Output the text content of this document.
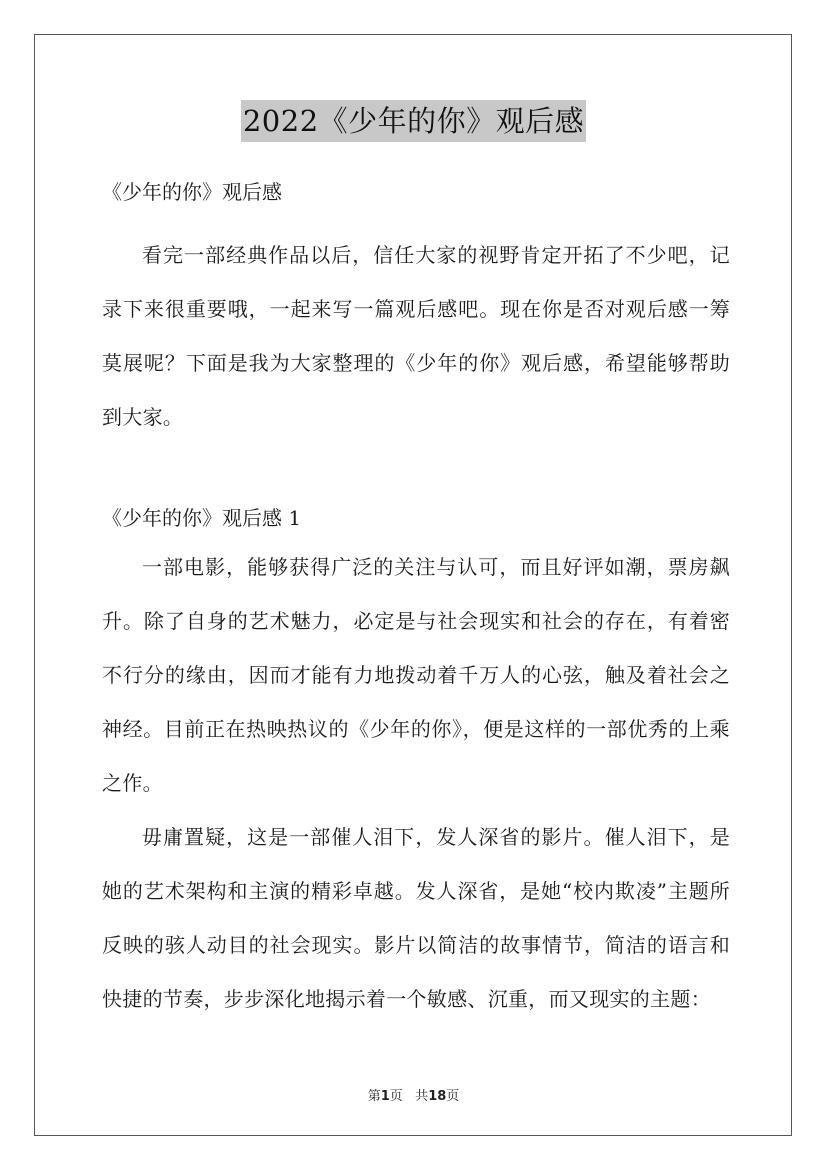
2022《少年的你》观后感

《少年的你》观后感

看完一部经典作品以后，信任大家的视野肯定开拓了不少吧，记录下来很重要哦，一起来写一篇观后感吧。现在你是否对观后感一筹莫展呢？下面是我为大家整理的《少年的你》观后感，希望能够帮助到大家。

《少年的你》观后感 1

一部电影，能够获得广泛的关注与认可，而且好评如潮，票房飙升。除了自身的艺术魅力，必定是与社会现实和社会的存在，有着密不行分的缘由，因而才能有力地拨动着千万人的心弦，触及着社会之神经。目前正在热映热议的《少年的你》，便是这样的一部优秀的上乘之作。

毋庸置疑，这是一部催人泪下，发人深省的影片。催人泪下，是她的艺术架构和主演的精彩卓越。发人深省，是她“校内欺凌”主题所反映的骇人动目的社会现实。影片以简洁的故事情节，简洁的语言和快捷的节奏，步步深化地揭示着一个敏感、沉重，而又现实的主题：

第1页 共18页
